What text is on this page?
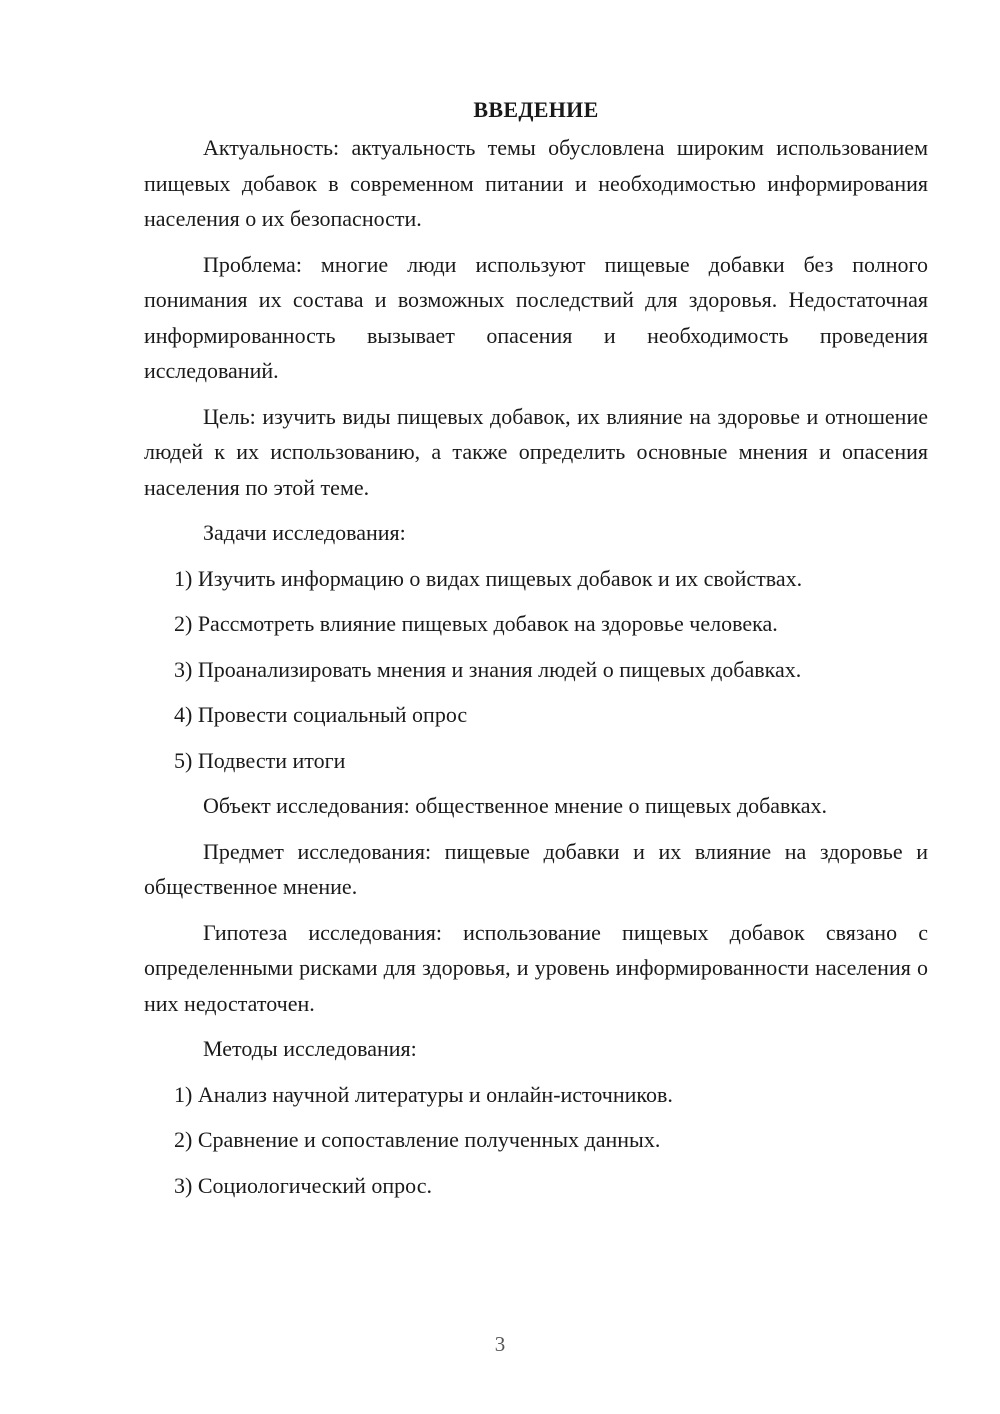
ВВЕДЕНИЕ

Актуальность: актуальность темы обусловлена широким использованием пищевых добавок в современном питании и необходимостью информирования населения о их безопасности.

Проблема: многие люди используют пищевые добавки без полного понимания их состава и возможных последствий для здоровья. Недостаточная информированность вызывает опасения и необходимость проведения исследований.

Цель: изучить виды пищевых добавок, их влияние на здоровье и отношение людей к их использованию, а также определить основные мнения и опасения населения по этой теме.

Задачи исследования:

1) Изучить информацию о видах пищевых добавок и их свойствах.

2) Рассмотреть влияние пищевых добавок на здоровье человека.

3) Проанализировать мнения и знания людей о пищевых добавках.

4) Провести социальный опрос

5) Подвести итоги

Объект исследования: общественное мнение о пищевых добавках.

Предмет исследования: пищевые добавки и их влияние на здоровье и общественное мнение.

Гипотеза исследования: использование пищевых добавок связано с определенными рисками для здоровья, и уровень информированности населения о них недостаточен.

Методы исследования:

1) Анализ научной литературы и онлайн-источников.

2) Сравнение и сопоставление полученных данных.

3) Социологический опрос.

3
